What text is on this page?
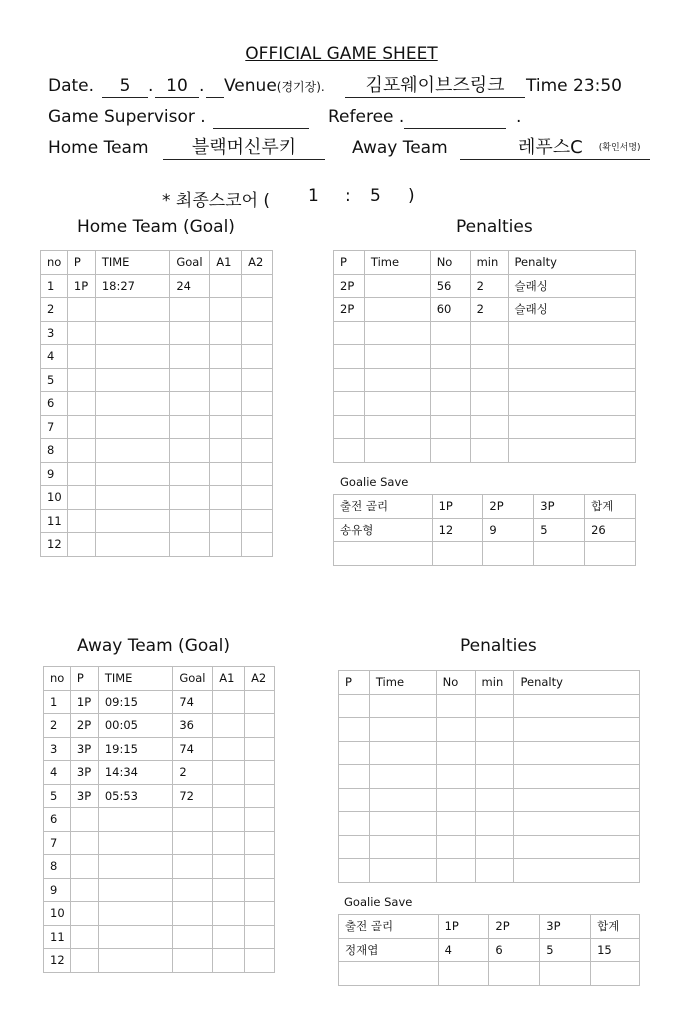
OFFICIAL GAME SHEET
Date.	5	. 10 . Venue(경기장).	김포웨이브즈링크	Time 23:50
Game Supervisor .	Referee .	.
Home Team	블랙머신루키	Away Team	레푸스C (확인서명)
* 최종스코어 ( 1 : 5 )
Home Team (Goal)	Penalties
no	P	TIME	Goal	A1	A2
1	1P	18:27	24		
2					
3					
4					
5					
6					
7					
8					
9					
10					
11					
12					
P	Time	No	min	Penalty
2P		56	2	슬래싱
2P		60	2	슬래싱

Goalie Save
출전 골리	1P	2P	3P	합계
송유형	12	9	5	26

Away Team (Goal)	Penalties
no	P	TIME	Goal	A1	A2
1	1P	09:15	74		
2	2P	00:05	36		
3	3P	19:15	74		
4	3P	14:34	2		
5	3P	05:53	72		
6					
7					
8					
9					
10					
11					
12					
P	Time	No	min	Penalty

Goalie Save
출전 골리	1P	2P	3P	합계
정재엽	4	6	5	15
